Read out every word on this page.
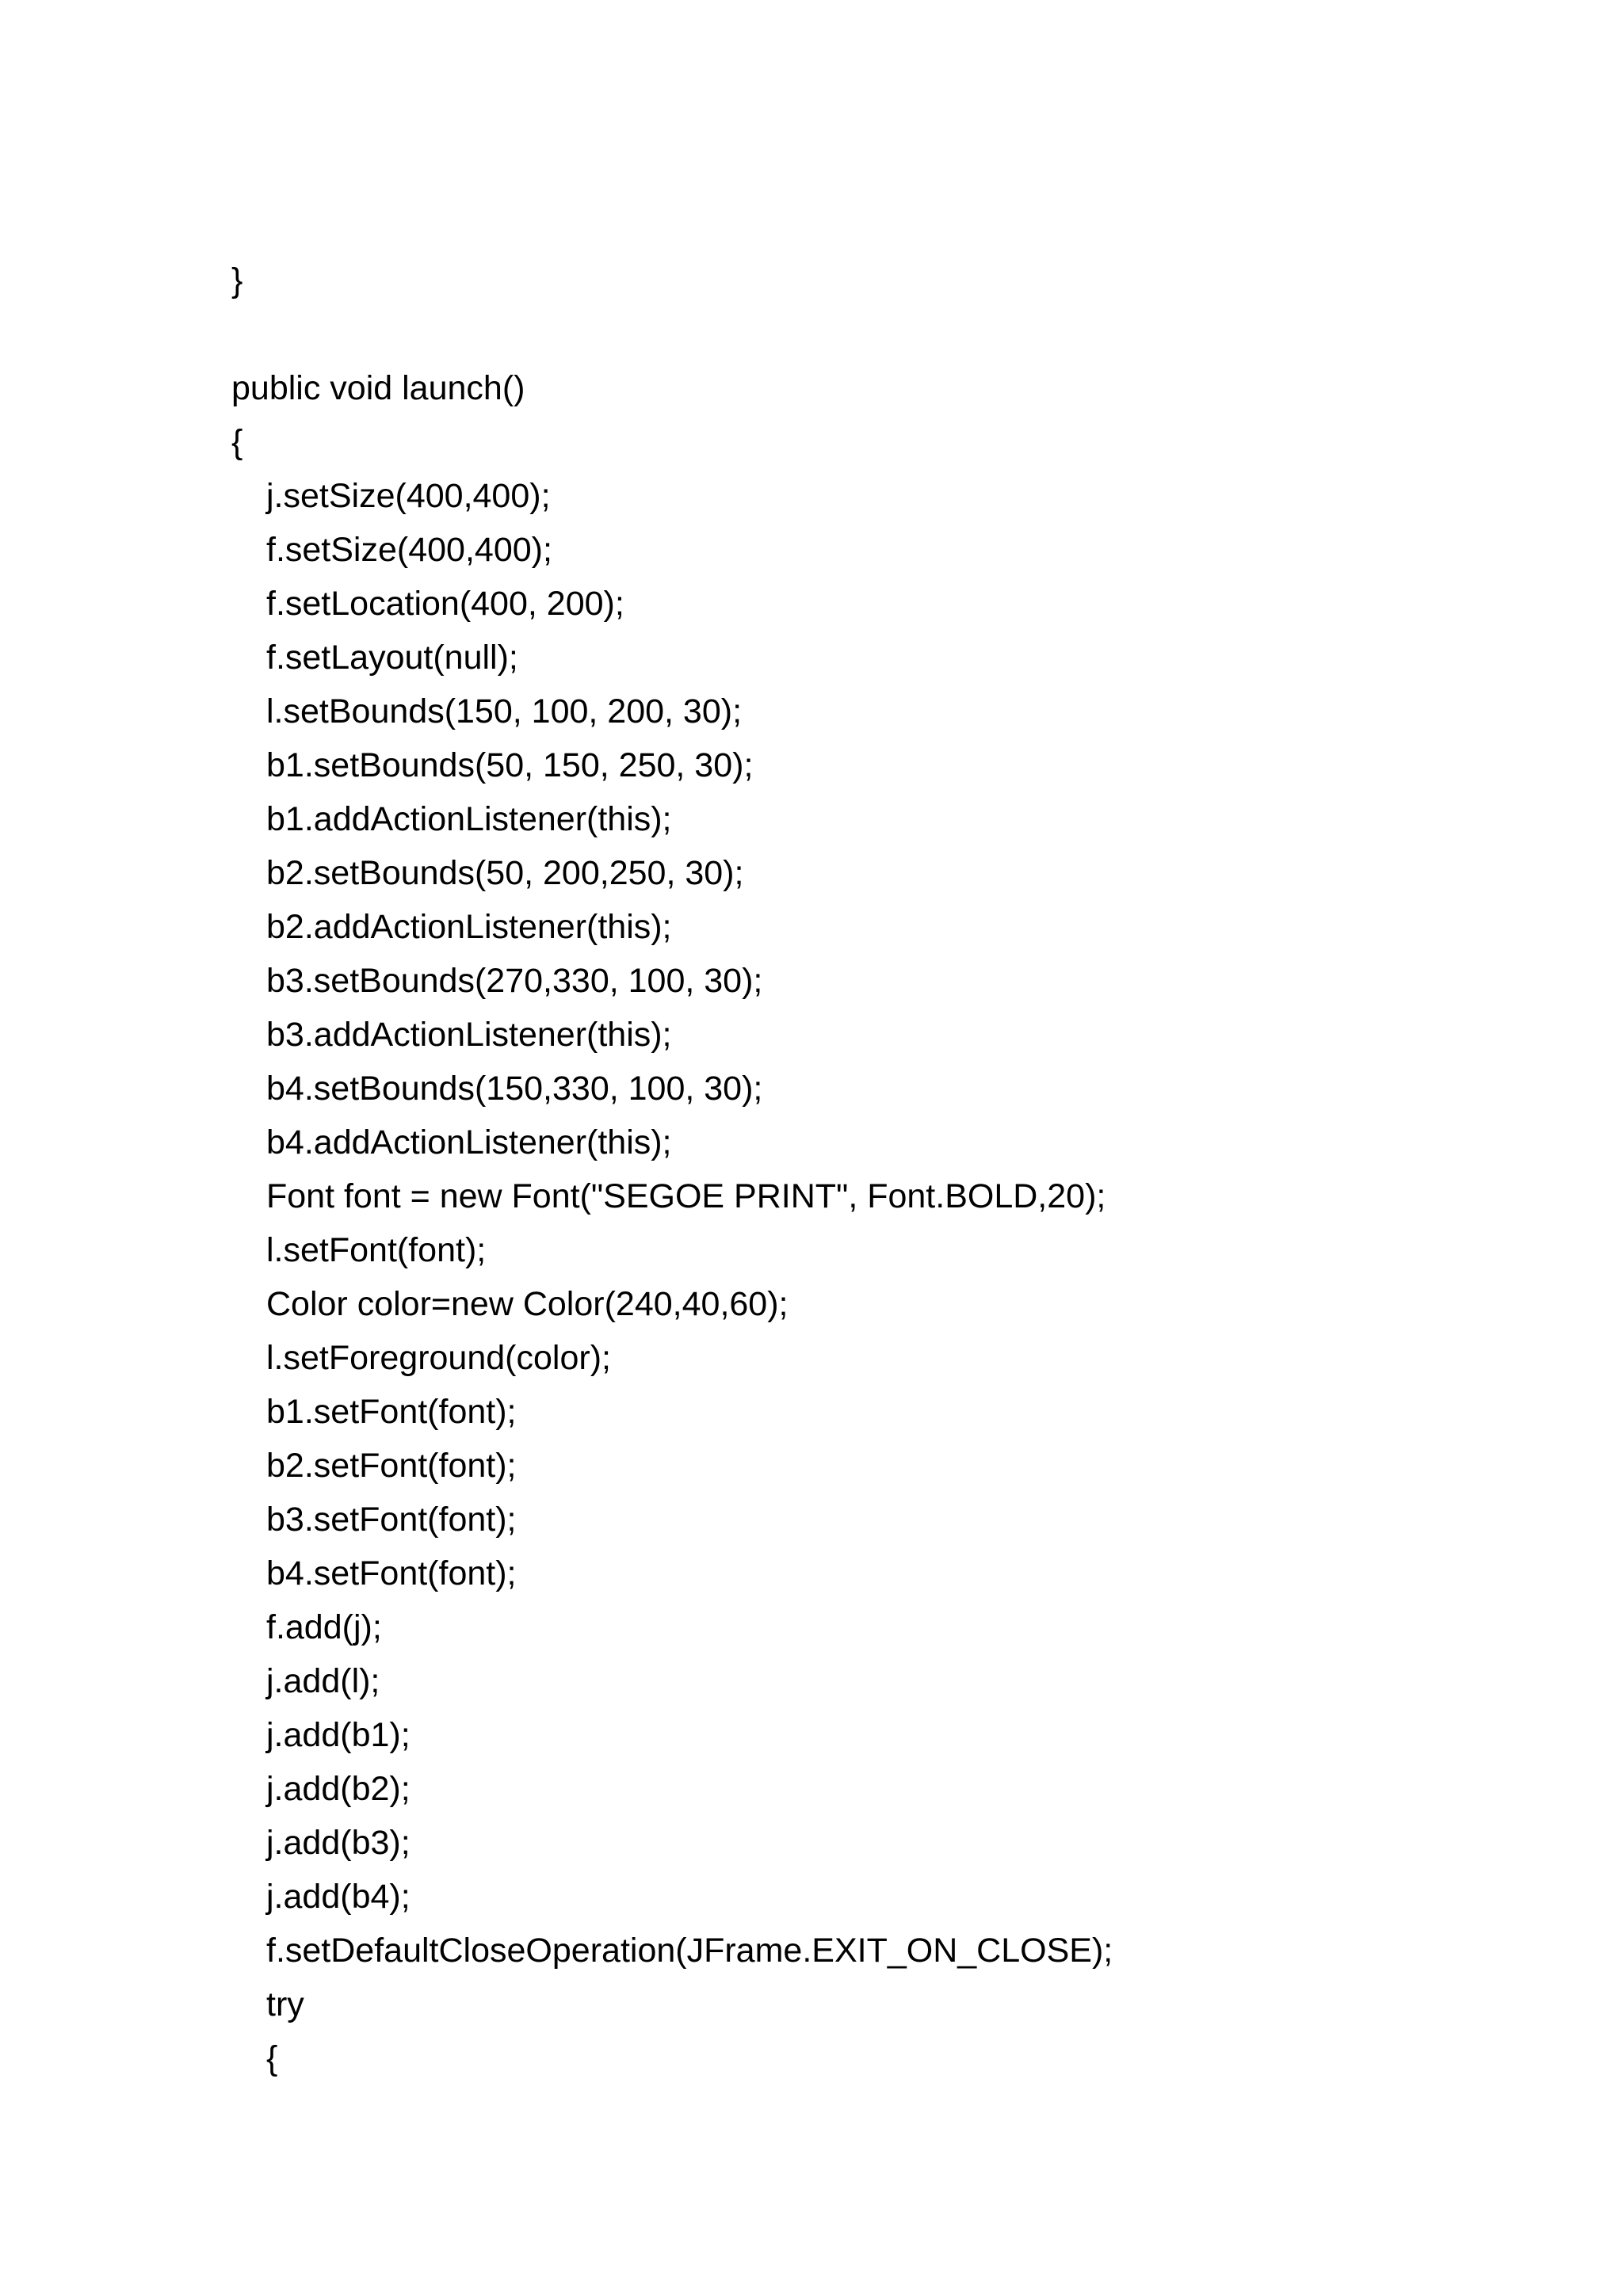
}
public void launch()
{
j.setSize(400,400);
f.setSize(400,400);
f.setLocation(400, 200);
f.setLayout(null);
l.setBounds(150, 100, 200, 30);
b1.setBounds(50, 150, 250, 30);
b1.addActionListener(this);
b2.setBounds(50, 200,250, 30);
b2.addActionListener(this);
b3.setBounds(270,330, 100, 30);
b3.addActionListener(this);
b4.setBounds(150,330, 100, 30);
b4.addActionListener(this);
Font font = new Font("SEGOE PRINT", Font.BOLD,20);
l.setFont(font);
Color color=new Color(240,40,60);
l.setForeground(color);
b1.setFont(font);
b2.setFont(font);
b3.setFont(font);
b4.setFont(font);
f.add(j);
j.add(l);
j.add(b1);
j.add(b2);
j.add(b3);
j.add(b4);
f.setDefaultCloseOperation(JFrame.EXIT_ON_CLOSE);
try
{
